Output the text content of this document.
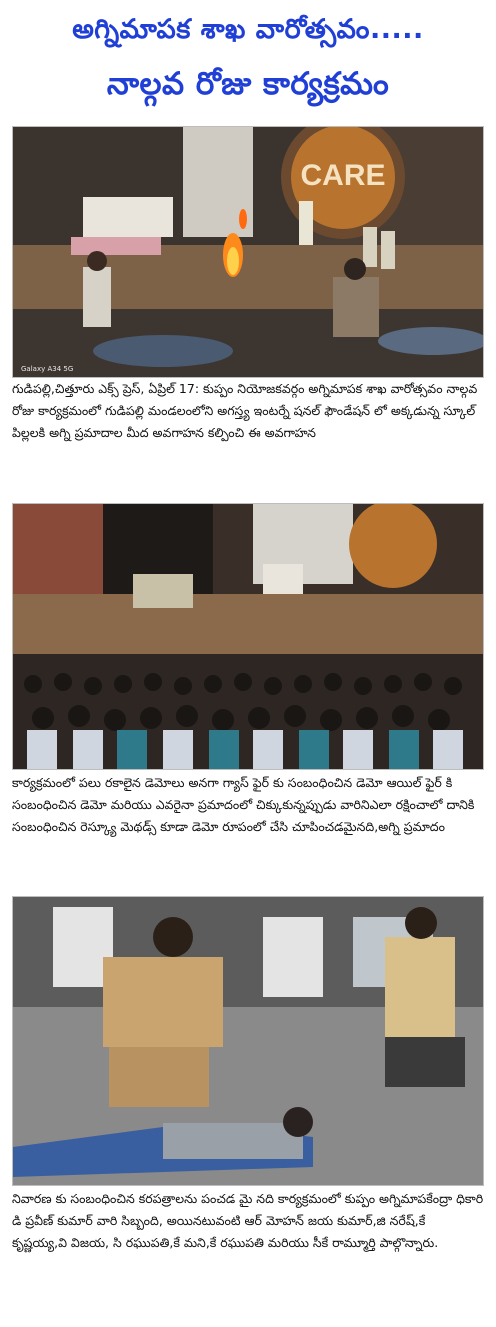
అగ్నిమాపక శాఖ వారోత్సవం.....
నాల్గవ రోజు కార్యక్రమం
CARE
Galaxy A34 5G
గుడిపల్లి,చిత్తూరు ఎక్స్ ప్రెస్, ఏప్రిల్ 17: కుప్పం నియోజకవర్గం అగ్నిమాపక శాఖ వారోత్సవం నాల్గవ రోజు కార్యక్రమంలో గుడిపల్లి మండలంలోని అగస్త్య ఇంటర్నే షనల్ ఫౌండేషన్ లో అక్కడున్న స్కూల్ పిల్లలకి అగ్ని ప్రమాదాల మీద అవగాహన కల్పించి ఈ అవగాహన
కార్యక్రమంలో పలు రకాలైన డెమోలు అనగా గ్యాస్ ఫైర్ కు సంబంధించిన డెమో ఆయిల్ ఫైర్ కి సంబంధించిన డెమో మరియు ఎవరైనా ప్రమాదంలో చిక్కుకున్నప్పుడు వారినిఎలా రక్షించాలో దానికి సంబంధించిన రెస్క్యూ మెథడ్స్ కూడా డెమో రూపంలో చేసి చూపించడమైనది,అగ్ని ప్రమాదం
నివారణ కు సంబంధించిన కరపత్రాలను పంచడ మై నది కార్యక్రమంలో కుప్పం అగ్నిమాపకేంద్రా ధికారి డి ప్రవీణ్ కుమార్ వారి సిబ్బంది, అయినటువంటి ఆర్ మోహన్ జయ కుమార్,జి నరేష్,కే కృష్ణయ్య,వి విజయ, సి రఘుపతి,కే మని,కే రఘుపతి మరియు సీకే రామ్మూర్తి పాల్గొన్నారు.
